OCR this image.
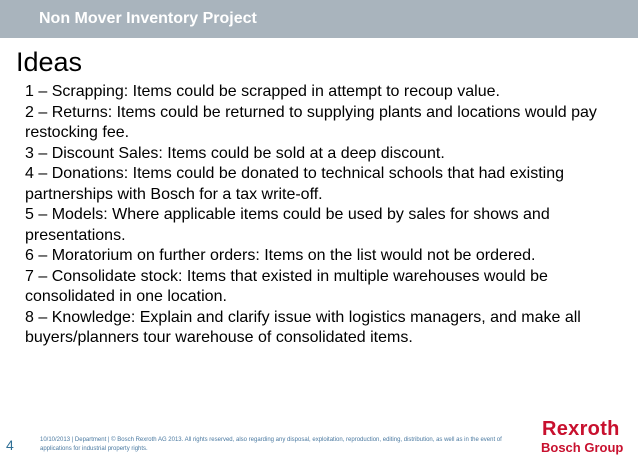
Non Mover Inventory Project
Ideas
1 – Scrapping: Items could be scrapped in attempt to recoup value.
2 – Returns: Items could be returned to supplying plants and locations would pay restocking fee.
3 – Discount Sales: Items could be sold at a deep discount.
4 – Donations: Items could be donated to technical schools that had existing partnerships with Bosch for a tax write-off.
5 – Models: Where applicable items could be used by sales for shows and presentations.
6 – Moratorium on further orders: Items on the list would not be ordered.
7 – Consolidate stock: Items that existed in multiple warehouses would be consolidated in one location.
8 – Knowledge: Explain and clarify issue with logistics managers, and make all buyers/planners tour warehouse of consolidated items.
4	10/10/2013 | Department | © Bosch Rexroth AG 2013. All rights reserved, also regarding any disposal, exploitation, reproduction, editing, distribution, as well as in the event of applications for industrial property rights.
Rexroth
Bosch Group
